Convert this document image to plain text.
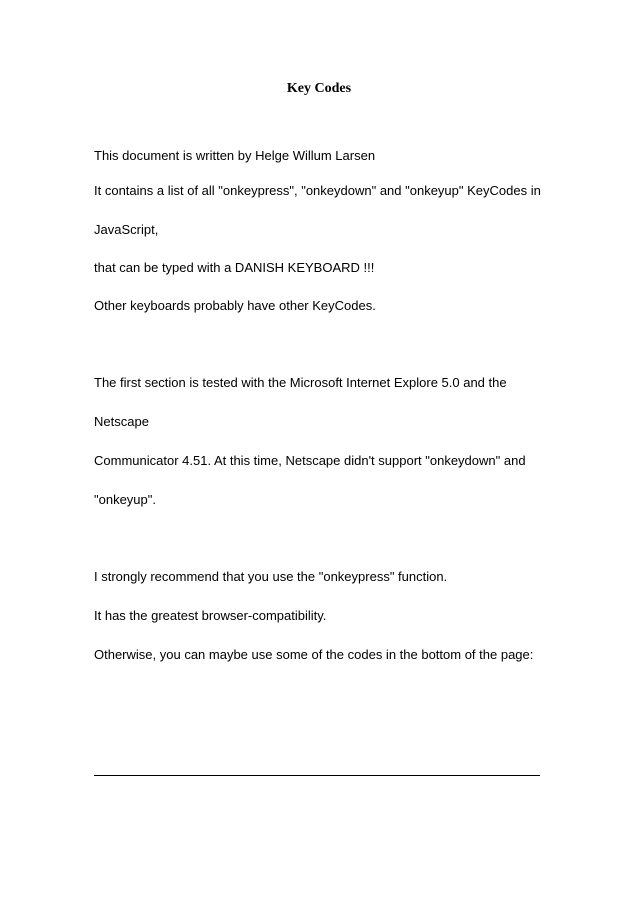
Key Codes
This document is written by Helge Willum Larsen
It contains a list of all "onkeypress", "onkeydown" and "onkeyup" KeyCodes in
JavaScript,
that can be typed with a DANISH KEYBOARD !!!
Other keyboards probably have other KeyCodes.
The first section is tested with the Microsoft Internet Explore 5.0 and the
Netscape
Communicator 4.51. At this time, Netscape didn't support "onkeydown" and
"onkeyup".
I strongly recommend that you use the "onkeypress" function.
It has the greatest browser-compatibility.
Otherwise, you can maybe use some of the codes in the bottom of the page:
